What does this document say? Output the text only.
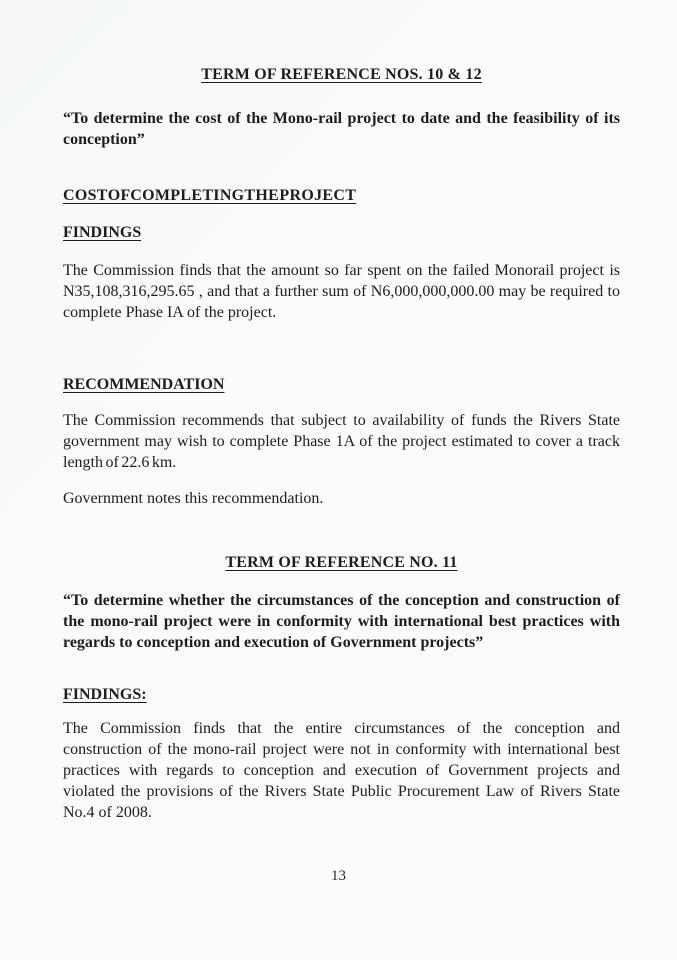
TERM OF REFERENCE NOS. 10 & 12

“To determine the cost of the Mono-rail project to date and the feasibility of its conception”

COST OF COMPLETING THE PROJECT
FINDINGS

The Commission finds that the amount so far spent on the failed Monorail project is N35,108,316,295.65 , and that a further sum of N6,000,000,000.00 may be required to complete Phase IA of the project.

RECOMMENDATION

The Commission recommends that subject to availability of funds the Rivers State government may wish to complete Phase 1A of the project estimated to cover a track length of 22.6 km.

Government notes this recommendation.

TERM OF REFERENCE NO. 11

“To determine whether the circumstances of the conception and construction of the mono-rail project were in conformity with international best practices with regards to conception and execution of Government projects”

FINDINGS:

The Commission finds that the entire circumstances of the conception and construction of the mono-rail project were not in conformity with international best practices with regards to conception and execution of Government projects and violated the provisions of the Rivers State Public Procurement Law of Rivers State No.4 of 2008.

13
